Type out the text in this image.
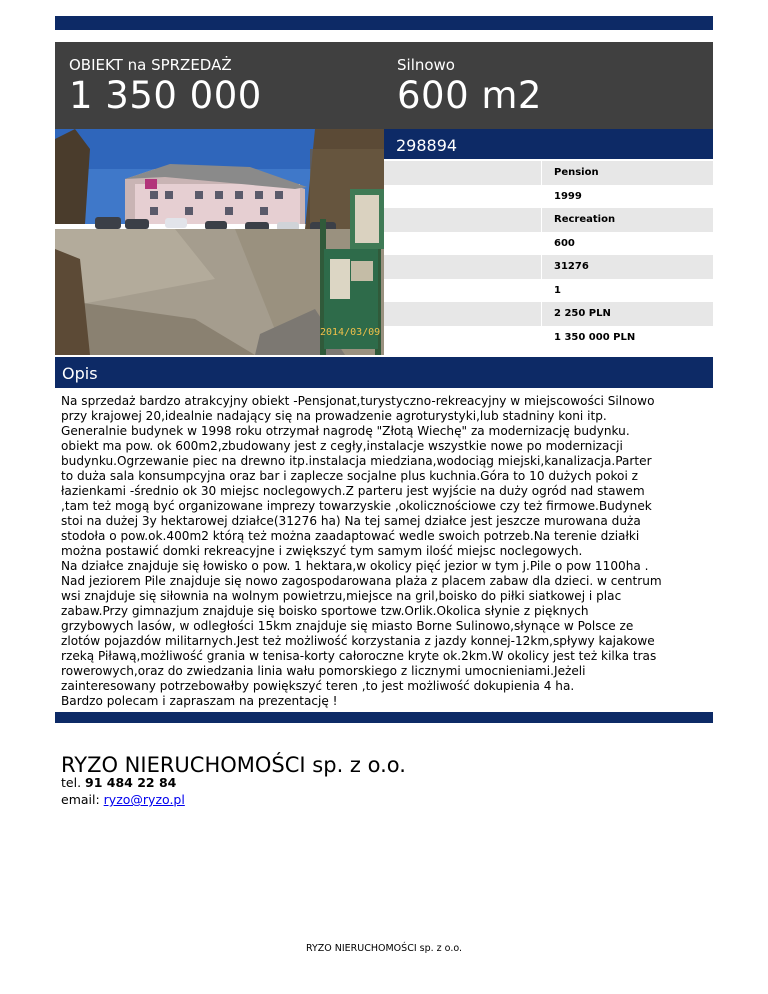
OBIEKT na SPRZEDAŻ
1 350 000
Silnowo
600 m2
2014/03/09
298894
Pension
1999
Recreation
600
31276
1
2 250 PLN
1 350 000 PLN
Opis
Na sprzedaż bardzo atrakcyjny obiekt -Pensjonat,turystyczno-rekreacyjny w miejscowości Silnowo
przy krajowej 20,idealnie nadający się na prowadzenie agroturystyki,lub stadniny koni itp.
Generalnie budynek w 1998 roku otrzymał nagrodę "Złotą Wiechę" za modernizację budynku.
obiekt ma pow. ok 600m2,zbudowany jest z cegły,instalacje wszystkie nowe po modernizacji
budynku.Ogrzewanie piec na drewno itp.instalacja miedziana,wodociąg miejski,kanalizacja.Parter
to duża sala konsumpcyjna oraz bar i zaplecze socjalne plus kuchnia.Góra to 10 dużych pokoi z
łazienkami -średnio ok 30 miejsc noclegowych.Z parteru jest wyjście na duży ogród nad stawem
,tam też mogą być organizowane imprezy towarzyskie ,okolicznościowe czy też firmowe.Budynek
stoi na dużej 3y hektarowej działce(31276 ha) Na tej samej działce jest jeszcze murowana duża
stodoła o pow.ok.400m2 którą też można zaadaptować wedle swoich potrzeb.Na terenie działki
można postawić domki rekreacyjne i zwiększyć tym samym ilość miejsc noclegowych.
Na działce znajduje się łowisko o pow. 1 hektara,w okolicy pięć jezior w tym j.Pile o pow 1100ha .
Nad jeziorem Pile znajduje się nowo zagospodarowana plaża z placem zabaw dla dzieci. w centrum
wsi znajduje się siłownia na wolnym powietrzu,miejsce na gril,boisko do piłki siatkowej i plac
zabaw.Przy gimnazjum znajduje się boisko sportowe tzw.Orlik.Okolica słynie z pięknych
grzybowych lasów, w odległości 15km znajduje się miasto Borne Sulinowo,słynące w Polsce ze
zlotów pojazdów militarnych.Jest też możliwość korzystania z jazdy konnej-12km,spływy kajakowe
rzeką Piławą,możliwość grania w tenisa-korty całoroczne kryte ok.2km.W okolicy jest też kilka tras
rowerowych,oraz do zwiedzania linia wału pomorskiego z licznymi umocnieniami.Jeżeli
zainteresowany potrzebowałby powiększyć teren ,to jest możliwość dokupienia 4 ha.
Bardzo polecam i zapraszam na prezentację !
RYZO NIERUCHOMOŚCI sp. z o.o.
tel. 91 484 22 84
email: ryzo@ryzo.pl
RYZO NIERUCHOMOŚCI sp. z o.o.
